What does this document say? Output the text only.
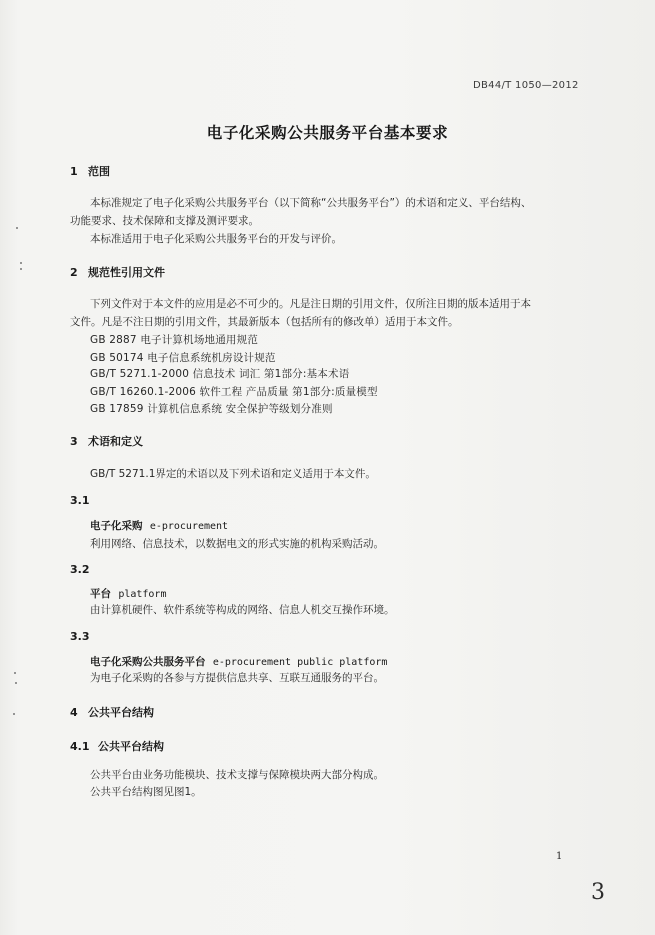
DB44/T 1050—2012
电子化采购公共服务平台基本要求
1 范围
本标准规定了电子化采购公共服务平台（以下简称“公共服务平台”）的术语和定义、平台结构、
功能要求、技术保障和支撑及测评要求。
本标准适用于电子化采购公共服务平台的开发与评价。
2 规范性引用文件
下列文件对于本文件的应用是必不可少的。凡是注日期的引用文件，仅所注日期的版本适用于本
文件。凡是不注日期的引用文件，其最新版本（包括所有的修改单）适用于本文件。
GB 2887 电子计算机场地通用规范
GB 50174 电子信息系统机房设计规范
GB/T 5271.1-2000 信息技术 词汇 第1部分:基本术语
GB/T 16260.1-2006 软件工程 产品质量 第1部分:质量模型
GB 17859 计算机信息系统 安全保护等级划分准则
3 术语和定义
GB/T 5271.1界定的术语以及下列术语和定义适用于本文件。
3.1
电子化采购 e-procurement
利用网络、信息技术，以数据电文的形式实施的机构采购活动。
3.2
平台 platform
由计算机硬件、软件系统等构成的网络、信息人机交互操作环境。
3.3
电子化采购公共服务平台 e-procurement public platform
为电子化采购的各参与方提供信息共享、互联互通服务的平台。
4 公共平台结构
4.1 公共平台结构
公共平台由业务功能模块、技术支撑与保障模块两大部分构成。
公共平台结构图见图1。
1
3
